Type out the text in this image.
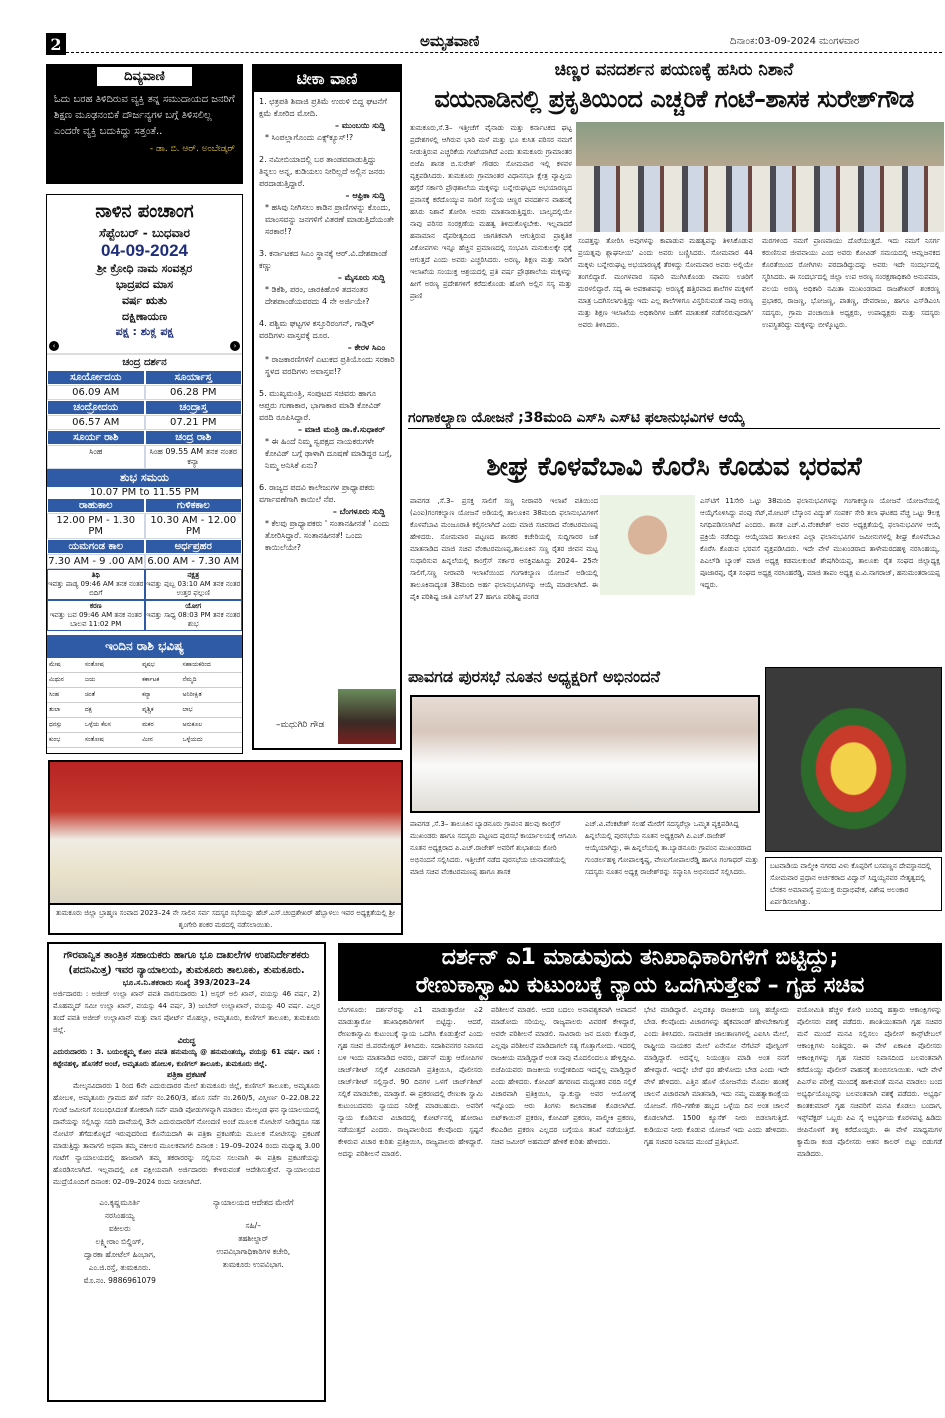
2	ಅಮೃತವಾಣಿ	ದಿನಾಂಕ:03-09-2024 ಮಂಗಳವಾರ
ದಿವ್ಯವಾಣಿ
ಓದು ಬರಹ ತಿಳಿದಿರುವ ವ್ಯಕ್ತಿ ತನ್ನ ಸಮುದಾಯದ ಜನರಿಗೆ ಶಿಕ್ಷಣ ಮೂಢನಂಬಿಕೆ ದೌರ್ಜನ್ಯಗಳ ಬಗ್ಗೆ ತಿಳಿಸಲಿಲ್ಲ ಎಂದರೇ ವ್ಯಕ್ತಿ ಬದುಕಿದ್ದು ಸತ್ತಂತೆ..
- ಡಾ. ಬಿ. ಆರ್. ಅಂಬೇಡ್ಕರ್
ನಾಳಿನ ಪಂಚಾಂಗ
ಸೆಪ್ಟೆಂಬರ್ - ಬುಧವಾರ
04-09-2024
ಶ್ರೀ ಕ್ರೋಧಿ ನಾಮ ಸಂವತ್ಸರ
ಭಾದ್ರಪದ ಮಾಸ
ವರ್ಷ ಋತು
ದಕ್ಷಿಣಾಯಣ
ಪಕ್ಷ : ಶುಕ್ಲ ಪಕ್ಷ
‹	›
ಚಂದ್ರ ದರ್ಶನ
ಸೂರ್ಯೋದಯ	ಸೂರ್ಯಾಸ್ತ
06.09 AM	06.28 PM
ಚಂದ್ರೋದಯ	ಚಂದ್ರಾಸ್ತ
06.57 AM	07.21 PM
ಸೂರ್ಯ ರಾಶಿ	ಚಂದ್ರ ರಾಶಿ
ಸಿಂಹ	ಸಿಂಹ 09.55 AM ತನಕ ನಂತರ ಕನ್ಯಾ
ಶುಭ ಸಮಯ
10.07 PM to 11.55 PM
ರಾಹುಕಾಲ	ಗುಳಿಕಕಾಲ
12.00 PM - 1.30 PM
10.30 AM - 12.00 PM
ಯಮಗಂಡ ಕಾಲ	ಅರ್ಧಪ್ರಹರ
7.30 AM - 9 .00 AM 6.00 AM - 7.30 AM
ತಿಥಿ
ಇವತ್ತು ಪಾಡ್ಯ 09:46 AM ತನಕ ನಂತರ ಬಿದಿಗೆ
ನಕ್ಷತ್ರ
ಇವತ್ತು ಪುಬ್ಬ 03:10 AM ತನಕ ನಂತರ ಉತ್ತರ ಫಲ್ಗುಣಿ
ಕರಣ
ಇವತ್ತು ಬವ 09:46 AM ತನಕ ನಂತರ ಬಾಲವ 11:02 PM
ಯೋಗ
ಇವತ್ತು ಸಾಧ್ಯ 08:03 PM ತನಕ ನಂತರ ಶುಭ
ಇಂದಿನ ರಾಶಿ ಭವಿಷ್ಯ
ಮೇಷ	ಸಂತೋಷ	ವೃಷಭ	ಸಹಾಯಕರಿಂದ
ಮಿಥುನ	ಜಯ	ಕರ್ಕಾಟಕ	ನೆಮ್ಮದಿ
ಸಿಂಹ	ಚಿಂತೆ	ಕನ್ಯಾ	ಅನಿರೀಕ್ಷಿತ
ತುಲಾ	ದಕ್ಷ	ವೃಶ್ಚಿಕ	ಲಾಭ
ಧನಸ್ಸು	ಒಳ್ಳೆಯ ಕೆಲಸ	ಮಕರ	ಅನುಕೂಲ
ಕುಂಭ	ಸಂತೋಷ	ಮೀನ	ಒಳ್ಳೆಯದು
ಟೀಕಾ ವಾಣಿ
1. ಛತ್ರಪತಿ ಶಿವಾಜಿ ಪ್ರತಿಮೆ ಉರುಳಿ ಬಿದ್ದ ಘಟನೆಗೆ ಕ್ಷಮೆ ಕೋರಿದ ಮೋದಿ.
– ಮುಂಬಯಿ ಸುದ್ದಿ
* ಸಿಂಪಲ್ಲಾಗೊಂದು ಎಕ್ಸ್‌ಕ್ಯೂಸ್!?
2. ನಮೀಬಿಯಾದಲ್ಲಿ ಬರ ತಾಂಡವವಾಡುತ್ತಿದ್ದು ತಿನ್ನಲು ಅನ್ನ, ಕುಡಿಯಲು ನೀರಿಲ್ಲದೆ ಅಲ್ಲಿನ ಜನರು ಪರದಾಡುತ್ತಿದ್ದಾರೆ.
– ಆಫ್ರಿಕಾ ಸುದ್ದಿ
* ಹಸಿವು ನೀಗಿಸಲು ಕಾಡಿನ ಪ್ರಾಣಿಗಳನ್ನು ಕೊಂದು, ಮಾಂಸವನ್ನು ಜನಗಳಿಗೆ ವಿತರಣೆ ಮಾಡುತ್ತಿದೆಯಂತೇ ಸರಕಾರ!?
3. ಕರ್ನಾಟಕದ ಸಿಎಂ ಸ್ಥಾನಕ್ಕೆ ಆರ್.ವಿ.ದೇಶಪಾಂಡೆ ಕಣ್ಣು
– ಮೈಸೂರು ಸುದ್ದಿ
* ಡಿಕೆಶಿ, ಪರಂ, ಜಾರಕಿಹೊಳಿ ತದನಂತರ ದೇಶಪಾಂಡೆಯವರದು 4 ನೇ ಅರ್ಜಿಯೇ?
4. ಪಶ್ಚಿಮ ಘಟ್ಟಗಳ ಕಸ್ತೂರಿರಂಗನ್, ಗಾಡ್ಗಿಳ್ ವರದಿಗಳು ವಾಸ್ತವಕ್ಕೆ ದೂರ.
– ಕೇರಳ ಸಿಎಂ
* ರಾಜಕಾರಣಿಗಳಿಗೆ ಎಟುಕದ ಪ್ರತಿಯೊಂದು ಸರಕಾರಿ ಸ್ಥಳದ ವರದಿಗಳು ಅವಾಸ್ತವ!?
5. ಮುಖ್ಯಮಂತ್ರಿ, ಸಂಪುಟದ ಸಚಿವರು ಹಾಗೂ ಆಪ್ತರು ಗುಣಾಕಾರ, ಭಾಗಾಕಾರ ಮಾಡಿ ಕೋವಿಡ್ ವರದಿ ರೂಪಿಸಿದ್ದಾರೆ.
– ಮಾಜಿ ಮಂತ್ರಿ ಡಾ.ಕೆ.ಸುಧಾಕರ್
* ಈ ಹಿಂದೆ ನಿಮ್ಮ ಸ್ವಪಕ್ಷದ ನಾಯಕರುಗಳೇ ಕೋವಿಡ್ ಬಗ್ಗೆ ಢಾಳಾಗಿ ದೂಷಣೆ ಮಾಡಿದ್ದರ ಬಗ್ಗೆ, ನಿಮ್ಮ ಅನಿಸಿಕೆ ಏನು?
6. ರಾಜ್ಯದ ಪದವಿ ಕಾಲೇಜುಗಳ ಪ್ರಾಧ್ಯಾಪಕರು ವರ್ಗಾವಣೆಗಾಗಿ ಕಾಯಿಲೆ ನೆಪ.
– ಬೆಂಗಳೂರು ಸುದ್ದಿ
* ಕೆಲವು ಪ್ರಾಧ್ಯಾಪಕರು ' ಸಂತಾನಹೀನತೆ ' ಎಂದು ತೋರಿಸಿದ್ದಾರೆ. ಸಂತಾನಹೀನತೆ! ಒಂದು ಕಾಯಿಲೆಯೇ?
–ಮಧುಗಿರಿ ಗೌಡ
ಚಿಣ್ಣರ ವನದರ್ಶನ ಪಯಣಕ್ಕೆ ಹಸಿರು ನಿಶಾನೆ
ವಯನಾಡಿನಲ್ಲಿ ಪ್ರಕೃತಿಯಿಂದ ಎಚ್ಚರಿಕೆ ಗಂಟೆ–ಶಾಸಕ ಸುರೇಶ್‌ಗೌಡ
ತುಮಕೂರು,ಸೆ.3– ಇತ್ತೀಚೆಗೆ ವೈನಾಡು ಮತ್ತು ಕರ್ನಾಟಕದ ಘಟ್ಟ ಪ್ರದೇಶಗಳಲ್ಲಿ ಆಗಿರುವ ಭಾರಿ ಮಳೆ ಮತ್ತು ಭೂ ಕುಸಿತ ಪರಿಸರ ನಮಗೆ ನೀಡುತ್ತಿರುವ ಎಚ್ಚರಿಕೆಯ ಗಂಟೆಯಾಗಿದೆ ಎಂದು ತುಮಕೂರು ಗ್ರಾಮಾಂತರ ಬಿಜೆಪಿ ಶಾಸಕ ಬಿ.ಸುರೇಶ್ ಗೌಡರು ಸೋಮವಾರ ಇಲ್ಲಿ ಕಳವಳ ವ್ಯಕ್ತಪಡಿಸಿದರು. ತುಮಕೂರು ಗ್ರಾಮಾಂತರ ವಿಧಾನಸಭಾ ಕ್ಷೇತ್ರ ವ್ಯಾಪ್ತಿಯ ಹಗ್ಗೆರೆ ಸರ್ಕಾರಿ ಪ್ರೌಢಶಾಲೆಯ ಮಕ್ಕಳನ್ನು ಬನ್ನೇರುಘಟ್ಟದ ಅಭಯಾರಣ್ಯದ ಪ್ರವಾಸಕ್ಕೆ ಕರೆದೊಯ್ಯುವ ಸಾರಿಗೆ ಸಂಸ್ಥೆಯ ಚಿಣ್ಣರ ವನದರ್ಶನ ವಾಹನಕ್ಕೆ ಹಸಿರು ನಿಶಾನೆ ತೋರಿಸಿ ಅವರು ಮಾತನಾಡುತ್ತಿದ್ದರು. ಬಾಲ್ಯದಲ್ಲಿಯೇ ನಾವು ಪರಿಸರ ಸಂರಕ್ಷಣೆಯ ಮಹತ್ವ ತಿಳಿದುಕೊಳ್ಳಬೇಕು. ಇಲ್ಲವಾದರೆ ಹವಾಮಾನ ವೈಪರೀತ್ಯದಿಂದ ಜಾಗತಿಕವಾಗಿ ಆಗುತ್ತಿರುವ ಪ್ರಾಕೃತಿಕ ವಿಕೋಪಗಳು ಇನ್ನೂ ಹೆಚ್ಚಿನ ಪ್ರಮಾಣದಲ್ಲಿ ಸಂಭವಿಸಿ ಮನುಕುಲಕ್ಕೇ ಧಕ್ಕೆ ಆಗುತ್ತದೆ ಎಂದು ಅವರು ಎಚ್ಚರಿಸಿದರು. ಅರಣ್ಯ, ಶಿಕ್ಷಣ ಮತ್ತು ಸಾರಿಗೆ ಇಲಾಖೆಯ ಸಂಯುಕ್ತ ಆಶ್ರಯದಲ್ಲಿ ಪ್ರತಿ ವರ್ಷ ಪ್ರೌಢಶಾಲೆಯ ಮಕ್ಕಳನ್ನು ಹೀಗೆ ಅರಣ್ಯ ಪ್ರದೇಶಗಳಿಗೆ ಕರೆದುಕೊಂಡು ಹೋಗಿ ಅಲ್ಲಿನ ಸಸ್ಯ ಮತ್ತು ಪ್ರಾಣಿ
ಸಂಪತ್ತನ್ನು ತೋರಿಸಿ ಅವುಗಳನ್ನು ಕಾಪಾಡುವ ಮಹತ್ವವನ್ನು ತಿಳಿಸಿಕೊಡುವ ಪ್ರಯತ್ನವು ಶ್ಲಾಘನೀಯ' ಎಂದು ಅವರು ಬಣ್ಣಿಸಿದರು. ಸೋಮವಾರ 44 ಮಕ್ಕಳು ಬನ್ನೇರುಘಟ್ಟ ಅಭಯಾರಣ್ಯಕ್ಕೆ ತೆರಳಿದ್ದು ಸೋಮವಾರ ಅವರು ಅಲ್ಲಿಯೇ ತಂಗಲಿದ್ದಾರೆ. ಮಂಗಳವಾರ ಸಫಾರಿ ಮುಗಿಸಿಕೊಂಡು ವಾಪಸು ಊರಿಗೆ ಮರಳಲಿದ್ದಾರೆ. ಸದ್ಯ ಈ ಅವಕಾಶವನ್ನು ಅರಣ್ಯಕ್ಕೆ ಹತ್ತಿರವಾದ ಶಾಲೆಗಳ ಮಕ್ಕಳಿಗೆ ಮಾತ್ರ ಒದಗಿಸಲಾಗುತ್ತಿದ್ದು ಇದು ಎಲ್ಲ ಶಾಲೆಗಳಿಗೂ ವಿಸ್ತರಿಸುವಂತೆ ನಾವು ಅರಣ್ಯ ಮತ್ತು ಶಿಕ್ಷಣ ಇಲಾಖೆಯ ಅಧಿಕಾರಿಗಳ ಜತೆಗೆ ಮಾತುಕತೆ ನಡೆಸಲಿರುವುದಾಗಿ' ಅವರು ತಿಳಿಸಿದರು.
ಮರಗಳಿಂದ ನಮಗೆ ಪ್ರಾಣವಾಯು ದೊರೆಯುತ್ತದೆ. ಇದು ನಮಗೆ ನಿಸರ್ಗ ಕರುಣಿಸುವ ಜೀವವಾಯು ಎಂದ ಅವರು ಕೋವಿಡ್ ಸಮಯದಲ್ಲಿ ಆಮ್ಲಜನಕದ ಕೊರತೆಯಿಂದ ರೋಗಿಗಳು ಪರದಾಡಿದ್ದುದನ್ನು ಅವರು ಇದೇ ಸಂದರ್ಭದಲ್ಲಿ ಸ್ಮರಿಸಿದರು. ಈ ಸಂದರ್ಭದಲ್ಲಿ ಜಿಲ್ಲಾ ಉಪ ಅರಣ್ಯ ಸಂರಕ್ಷಣಾಧಿಕಾರಿ ಅನುಪಮಾ, ವಲಯ ಅರಣ್ಯ ಅಧಿಕಾರಿ ನಮಿತಾ ಮುಖಂಡರಾದ ರಾಜಶೇಖರ್ ಶಂಕರಣ್ಣ ಪ್ರಭಾಕರ, ರಾಜಣ್ಣ, ಭೋಜಣ್ಣ, ಪಾತಣ್ಣ, ದೇವರಾಜು, ಹಾಗೂ ಎಸ್‌ಡಿಎಂಸಿ ಸದಸ್ಯರು, ಗ್ರಾಮ ಪಂಚಾಯಿತಿ ಅಧ್ಯಕ್ಷರು, ಉಪಾಧ್ಯಕ್ಷರು ಮತ್ತು ಸದಸ್ಯರು ಉಪಸ್ಥಿತರಿದ್ದು ಮಕ್ಕಳನ್ನು ಬೀಳ್ಕೊಟ್ಟರು.
ಗಂಗಾಕಲ್ಯಾಣ ಯೋಜನೆ ;38ಮಂದಿ ಎಸ್‌ಸಿ ಎಸ್‌ಟಿ ಫಲಾನುಭವಿಗಳ ಆಯ್ಕೆ
ಶೀಘ್ರ ಕೊಳವೆಬಾವಿ ಕೊರೆಸಿ ಕೊಡುವ ಭರವಸೆ
ಪಾವಗಡ ,ಸೆ.3– ಪ್ರಸಕ್ತ ಸಾಲಿಗೆ ಸಣ್ಣ ನೀರಾವರಿ ಇಲಾಖೆ ವತಿಯಿಂದ (ಎಂಐ)ಗಂಗಕಲ್ಯಾಣ ಯೋಜನೆ ಅಡಿಯಲ್ಲಿ ತಾಲೂಕಿನ 38ಮಂದಿ ಫಲಾನುಭವಿಗಳಿಗೆ ಕೊಳವೆಬಾವಿ ಮಂಜೂರಾತಿ ಕಲ್ಪಿಸಲಾಗಿದೆ ಎಂದು ಮಾಜಿ ಸಚಿವರಾದ ವೆಂಕಟರಮಣಪ್ಪ ಹೇಳಿದರು. ಸೋಮವಾರ ಪಟ್ಟಣದ ಶಾಸಕರ ಕಚೇರಿಯಲ್ಲಿ ಸುದ್ದಿಗಾರರ ಜತೆ ಮಾತನಾಡಿದ ಮಾಜಿ ಸಚಿವ ವೆಂಕಟರಮಣಪ್ಪ,ತಾಲೂಕಿನ ಸಣ್ಣ ರೈತರ ಜೀವನ ಮಟ್ಟ ಸುಧಾರಿಸುವ ಹಿನ್ನಲೆಯಲ್ಲಿ ಕಾಂಗ್ರೆಸ್ ಸರ್ಕಾರ ಆಸಕ್ತಿವಹಿಸಿದ್ದು 2024– 25ನೇ ಸಾಲಿಗೆ,ಸಣ್ಣ ನೀರಾವರಿ ಇಲಾಖೆಯಿಂದ ಗಂಗಾಕಲ್ಯಾಣ ಯೋಜನೆ ಅಡಿಯಲ್ಲಿ ತಾಲೂಕಿನಾದ್ಯಂತ 38ಮಂದಿ ಅರ್ಹ ಫಲಾನುಭವಿಗಳನ್ನು ಆಯ್ಕೆ ಮಾಡಲಾಗಿದೆ. ಈ ಪೈಕಿ ಪರಿಶಿಷ್ಟ ಜಾತಿ ಎಸ್‌ಸಿಗೆ 27 ಹಾಗೂ ಪರಿಶಿಷ್ಟ ಪಂಗಡ
ಎಸ್‌ಟಿಗೆ 11ಸೇರಿ ಒಟ್ಟು 38ಮಂದಿ ಫಲಾನುಭವಿಗಳನ್ನು ಗಂಗಾಕಲ್ಯಾಣ ಯೋಜನೆ ಯೋಜನೆಯಲ್ಲಿ ಆಯ್ಕೆಗೊಳಿಸಿದ್ದು ಪಂಪು ಸೆಟ್,ಮೋಟರ್ ಬೆಸ್ಕಾಂನ ವಿದ್ಯುತ್ ಸಂಪರ್ಕ ಸೇರಿ ತಲಾ ಘಟಕದ ವೆಚ್ಚ ಒಟ್ಟು 9ಲಕ್ಷ ನಿಗಧಿಪಡಿಸಲಾಗಿದೆ ಎಂದರು. ಶಾಸಕ ಎಚ್.ವಿ.ವೆಂಕಟೇಶ್ ಅವರ ಅಧ್ಯಕ್ಷತೆಯಲ್ಲಿ ಫಲಾನುಭವಿಗಳ ಆಯ್ಕೆ ಪ್ರಕ್ರಿಯೆ ನಡೆದಿದ್ದು ಆಯ್ಕೆಯಾದ ತಾಲೂಕಿನ ಎಲ್ಲಾ ಫಲಾನುಭವಿಗಳ ಜಮೀನುಗಳಲ್ಲಿ ಶೀಘ್ರ ಕೊಳವೆಬಾವಿ ಕೊರೆಸಿ ಕೊಡುವ ಭರವಸೆ ವ್ಯಕ್ತಪಡಿಸಿದರು. ಇದೇ ವೇಳೆ ಮುಖಂಡರಾದ ತಾಳೇಮರದಹಳ್ಳಿ ನರಸಿಂಹಯ್ಯ, ಪಿಎಲ್‌ಡಿ ಬ್ಯಾಂಕ್ ಮಾಜಿ ಅಧ್ಯಕ್ಷ ಕಡಮಲಕುಂಟೆ ಶೇಷಗಿರಿಯಪ್ಪ, ತಾಲೂಕು ರೈತ ಸಂಘದ ಜಿಲ್ಲಾಧ್ಯಕ್ಷ ಪೂಜಾರಪ್ಪ, ರೈತ ಸಂಘದ ಅಧ್ಯಕ್ಷ ನರಸಿಂಹರೆಡ್ಡಿ, ಮಾಜಿ ತಾಪಂ ಅಧ್ಯಕ್ಷ ಐ.ವಿ.ನಾಗರಾಜ್, ಹನುಮಂತರಾಯಪ್ಪ ಇದ್ದರು.
ಪಾವಗಡ ಪುರಸಭೆ ನೂತನ ಅಧ್ಯಕ್ಷರಿಗೆ ಅಭಿನಂದನೆ
ಪಾವಗಡ ,ಸೆ.3– ತಾಲೂಕಿನ ಬ್ಯಾಡನೂರು ಗ್ರಾಪಂನ ಹಲವು ಕಾಂಗ್ರೆಸ್ ಮುಖಂಡರು ಹಾಗೂ ಸದಸ್ಯರು ಪಟ್ಟಣದ ಪುರಸಭೆ ಕಾರ್ಯಾಲಯಕ್ಕೆ ಆಗಮಿಸಿ ನೂತನ ಅಧ್ಯಕ್ಷರಾದ ಪಿ.ಎಚ್.ರಾಜೇಶ್ ಅವರಿಗೆ ಶುಭಾಶಯ ಕೋರಿ ಅಭಿನಂದನೆ ಸಲ್ಲಿಸಿದರು. ಇತ್ತೀಚೆಗೆ ನಡೆದ ಪುರಸಭೆಯ ಚುನಾವಣೆಯಲ್ಲಿ ಮಾಜಿ ಸಚಿವ ವೆಂಕಟರಮಣಪ್ಪ ಹಾಗೂ ಶಾಸಕ
ಎಚ್.ವಿ.ವೆಂಕಟೇಶ್ ಸಲಹೆ ಮೇರೆಗೆ ಸದಸ್ಯರೆಲ್ಲಾ ಒಮ್ಮತ ವ್ಯಕ್ತಪಡಿಸಿದ್ದ ಹಿನ್ನಲೆಯಲ್ಲಿ ಪುರಸಭೆಯ ನೂತನ ಅಧ್ಯಕ್ಷರಾಗಿ ಪಿ.ಎಚ್.ರಾಜೇಶ್ ಆಯ್ಕೆಯಾಗಿದ್ದು, ಈ ಹಿನ್ನಲೆಯಲ್ಲಿ ತಾ.ಬ್ಯಾಡನೂರು ಗ್ರಾಪಂನ ಮುಖಂಡರಾದ ಗುಂಡರ್ಲಹಳ್ಳಿ ಗೋಪಾಲಕೃಷ್ಣ, ವೇಣುಗೋಪಾಲರೆಡ್ಡಿ ಹಾಗೂ ಗಂಗಾಧರ್ ಮತ್ತು ಸದಸ್ಯರು ನೂತನ ಅಧ್ಯಕ್ಷ ರಾಜೇಶ್‌ರನ್ನು ಸನ್ಮಾನಿಸಿ ಅಭಿನಂದನೆ ಸಲ್ಲಿಸಿದರು.
ಬಟವಾಡಿಯ ವಾಲ್ಮೀಕಿ ನಗರದ ವಿಳು ಕೊಪ್ಪರಿಗೆ ಬಸವಣ್ಣನ ದೇವಸ್ಥಾನದಲ್ಲಿ ಸೋಮವಾರ ಪ್ರಧಾನ ಅರ್ಚಕರಾದ ವಿದ್ವಾನ್ ಸಿದ್ದಯ್ಯನವರ ನೇತೃತ್ವದಲ್ಲಿ ಬೆನಕನ ಅಮಾವಾಸ್ಯೆ ಪ್ರಯುಕ್ತ ರುದ್ರಾಭಿಷೇಕ, ವಿಶೇಷ ಅಲಂಕಾರ ಏರ್ಪಡಿಸಲಾಗಿತ್ತು.
ತುಮಕೂರು ಜಿಲ್ಲಾ ಬ್ರಾಹ್ಮಣ ಸಂವಾದ 2023–24 ನೇ ಸಾಲಿನ ಸರ್ವ ಸದಸ್ಯರ ಸಭೆಯನ್ನು ಹೆಚ್.ಎಸ್.ಚಂದ್ರಶೇಖರ್ ಹೆಬ್ಬಾಳಲು ಇವರ ಅಧ್ಯಕ್ಷತೆಯಲ್ಲಿ ಶ್ರೀ ಶೃಂಗೇರಿ ಶಂಕರ ಮಠದಲ್ಲಿ ನಡೆಸಲಾಯಿತು.
ಗೌರವಾನ್ವಿತ ತಾಂತ್ರಿಕ ಸಹಾಯಕರು ಹಾಗೂ ಭೂ ದಾಖಲೆಗಳ ಉಪನಿರ್ದೇಶಕರು (ಪದನಿಮಿತ್ತ) ಇವರ ನ್ಯಾಯಾಲಯ, ತುಮಕೂರು ತಾಲೂಕು, ತುಮಕೂರು.
ಭೂ.ಸ.ನಿ.ತಕರಾರು ಸಂಖ್ಯೆ 393/2023–24
ಅರ್ಜಿದಾರರು : ಅಜೀಜ್ ಉಲ್ಲಾ ಖಾನ್ ಪವತಿ ವಾರಸುದಾರರು 1) ಅಸ್ಗರ್ ಅಲಿ ಖಾನ್, ವಯಸ್ಸು 46 ವರ್ಷ, 2) ಮೊಹಮ್ಮದ್ ಸಮೀ ಉಲ್ಲಾ ಖಾನ್, ವಯಸ್ಸು 44 ವರ್ಷ, 3) ಜುಬೇರ್ ಉಲ್ಲಾಖಾನ್, ವಯಸ್ಸು 40 ವರ್ಷ. ಎಲ್ಲರ ತಂದೆ ಪವತಿ ಅಜೀಜ್ ಉಲ್ಲಾಖಾನ್ ಮತ್ತು ವಾಸ ಪೋರ್ಟ್ ಮೊಹಲ್ಲಾ, ಅಮೃತೂರು, ಕುಣಿಗಲ್ ತಾಲೂಕು, ತುಮಕೂರು ಜಿಲ್ಲೆ.
ವಿರುದ್ಧ
ಎದುರುದಾರರು : 3. ಬಯಲಕ್ಷ್ಮಮ್ಮ ಕೋಂ ಪವತಿ ಹನುಮಯ್ಯ @ ಹನುಮಂತಯ್ಯ, ವಯಸ್ಸು 61 ವರ್ಷ. ವಾಸ : ಕಟ್ಟೇನಹಳ್ಳಿ, ಹೊಸಕೆರೆ ಅಂಚೆ, ಅಮೃತೂರು ಹೋಬಳಿ, ಕುಣಿಗಲ್ ತಾಲೂಕು, ತುಮಕೂರು ಜಿಲ್ಲೆ.
ಪತ್ರಿಕಾ ಪ್ರಕಟಣೆ
ಮೇಲ್ಕನವಿದಾರರು 1 ರಿಂದ 6ನೇ ಎದುರುದಾರರ ಮೇಲೆ ತುಮಕೂರು ಜಿಲ್ಲೆ, ಕುಣಿಗಲ್ ತಾಲೂಕು, ಅಮೃತೂರು ಹೋಬಳಿ, ಅಮೃತೂರು ಗ್ರಾಮದ ಹಳೆ ಸರ್ವೆ ನಂ.260/3, ಹೊಸ ಸರ್ವೆ ನಂ.260/5, ವಿಸ್ತೀರ್ಣ 0–22.08.22 ಗುಂಟೆ ಜಮೀನಿಗೆ ಸಂಬಂಧಿಸಿದಂತೆ ತೋಕರಾಗಿ ಸರ್ವೆ ಮಾಡಿ ಪೋಡುಗಳನ್ನಾಗಿ ಮಾಡಲು ಮೇಲ್ಕಂಡ ಘನ ನ್ಯಾಯಾಲಯದಲ್ಲಿ ದಾವೆಯನ್ನು ಸಲ್ಲಿಸಿದ್ದು ಸದರಿ ದಾವೆಯಲ್ಲಿ 3ನೇ ಎದುರುದಾರರಿಗೆ ನೋಂದಣಿ ಅಂಚೆ ಮೂಲಕ ನೋಟೀಸ್ ನೀಡಿದ್ದರೂ ಸಹ ನೋಟಿಸ್ ತೆಗೆದುಕೊಳ್ಳದೆ ಇರುವುದರಿಂದ ಕೊನೆಯದಾಗಿ ಈ ಪತ್ರಿಕಾ ಪ್ರಕಟಣೆಯ ಮೂಲಕ ನೋಟೀಸನ್ನು ಪ್ರಕಟಣೆ ಮಾಡುತ್ತಿದ್ದು ತಾವಾಗಲಿ ಅಥವಾ ತಮ್ಮ ವಕೀಲರ ಮೂಲಕವಾಗಲಿ ದಿನಾಂಕ : 19–09–2024 ರಂದು ಮಧ್ಯಾಹ್ನ 3.00 ಗಂಟೆಗೆ ನ್ಯಾಯಾಲಯದಲ್ಲಿ ಹಾಜರಾಗಿ ತಮ್ಮ ತಕರಾರರನ್ನು ಸಲ್ಲಿಸುವ ಸಲುವಾಗಿ ಈ ಪತ್ರಿಕಾ ಪ್ರಕಟಣೆಯನ್ನು ಹೊರಡಿಸಲಾಗಿದೆ. ಇಲ್ಲವಾದಲ್ಲಿ ಏಕ ಪಕ್ಷೀಯವಾಗಿ ಅರ್ಜಿದಾರರು ಕೇಳಿರುವಂತೆ ಆದೇಶಿಸುತ್ತೇವೆ. ನ್ಯಾಯಾಲಯದ ಮುದ್ರೆಯೊಂದಿಗೆ ದಿನಾಂಕ: 02–09–2024 ರಂದು ನೀಡಲಾಗಿದೆ.
ಎಂ.ಕೃಷ್ಣಮೂರ್ತಿ
ನರಸಿಂಹಯ್ಯ
ವಕೀಲರು
ಲಕ್ಷ್ಮೀರಾಂ ಬಿಲ್ಡಿಂಗ್,
ದ್ವಾರಕಾ ಹೋಟೆಲ್ ಹಿಂಭಾಗ,
ಎಂ.ಜಿ.ರಸ್ತೆ, ತುಮಕೂರು.
ಮೊ.ನಂ. 9886961079
ನ್ಯಾಯಾಲಯದ ಆದೇಶದ ಮೇರೆಗೆ
ಸಹಿ/–
ತಹಶೀಲ್ದಾರ್
ಉಪವಿಭಾಗಾಧಿಕಾರಿಗಳ ಕಚೇರಿ,
ತುಮಕೂರು ಉಪವಿಭಾಗ.
ದರ್ಶನ್ ಎ1 ಮಾಡುವುದು ತನಿಖಾಧಿಕಾರಿಗಳಿಗೆ ಬಿಟ್ಟಿದ್ದು;
ರೇಣುಕಾಸ್ವಾಮಿ ಕುಟುಂಬಕ್ಕೆ ನ್ಯಾಯ ಒದಗಿಸುತ್ತೇವೆ – ಗೃಹ ಸಚಿವ
ಬೆಂಗಳೂರು: ದರ್ಶನ್‌ರನ್ನು ಎ1 ಮಾಡುತ್ತಾರೋ ಎ2 ಮಾಡುತ್ತಾರೋ ತನಿಖಾಧಿಕಾರಿಗಳಿಗೆ ಬಿಟ್ಟಿದ್ದು. ಆದರೆ, ರೇಣುಕಾಸ್ವಾಮಿ ಕುಟುಂಬಕ್ಕೆ ನ್ಯಾಯ ಒದಗಿಸಿ ಕೊಡುತ್ತೇವೆ ಎಂದು ಗೃಹ ಸಚಿವ ಜಿ.ಪರಮೇಶ್ವರ್ ತಿಳಿಸಿದರು. ಸದಾಶಿವನಗರ ನಿವಾಸದ ಬಳಿ ಇಂದು ಮಾತನಾಡಿದ ಅವರು, ದರ್ಶನ್ ಮತ್ತು ಆರೋಪಿಗಳ ಚಾರ್ಜ್‌ಶೀಟ್ ಸಲ್ಲಿಕೆ ವಿಚಾರವಾಗಿ ಪ್ರತಿಕ್ರಿಯಿಸಿ, ಪೊಲೀಸರು ಚಾರ್ಜ್‌ಶೀಟ್ ಸಲ್ಲಿಸ್ತಾರೆ. 90 ದಿನಗಳ ಒಳಗೆ ಚಾರ್ಜ್‌ಶೀಟ್ ಸಲ್ಲಿಕೆ ಮಾಡಬೇಕು, ಮಾಡ್ತಾರೆ. ಈ ಪ್ರಕರಣದಲ್ಲಿ ರೇಣುಕಾ ಸ್ವಾಮಿ ಕುಟುಂಬದವರು ನ್ಯಾಯದ ನಿರೀಕ್ಷೆ ಮಾಡಬಹುದು. ಅವರಿಗೆ ನ್ಯಾಯ ಕೊಡಿಸುವ ವಿಚಾರದಲ್ಲಿ ಕೋರ್ಟ್‌ನಲ್ಲಿ ಹೋರಾಟ ನಡೆಯುತ್ತದೆ ಎಂದರು. ರಾಜ್ಯಪಾಲರಿಂದ ಕೆಲವೊಂದು ಸ್ಪಷ್ಟನೆ ಕೇಳಿರುವ ವಿಚಾರ ಕುರಿತು ಪ್ರತಿಕ್ರಿಯಿಸಿ, ರಾಜ್ಯಪಾಲರು ಹೇಳಿದ್ದಾರೆ. ಅದನ್ನು ಪರಿಶೀಲನೆ ಮಾಡಲಿ.
ಪರಿಶೀಲನೆ ಮಾಡಲಿ. ಆದರ ಬದಲು ಅನಾವಶ್ಯಕವಾಗಿ ಆಪಾದನೆ ಮಾಡೋದು ಸರಿಯಲ್ಲ. ರಾಜ್ಯಪಾಲರು ವಿವರಣೆ ಕೇಳಿದ್ದಾರೆ, ಅವರೇ ಪರಿಶೀಲನೆ ಮಾಡಲಿ. ಸಾವಿರಾರು ಜನ ದೂರು ಕೊಡ್ತಾರೆ, ಎಲ್ಲವೂ ಪರಿಶೀಲನೆ ಮಾಡಿದಾಗಲೇ ಸತ್ಯ ಗೊತ್ತಾಗೋದು. ಇದರಲ್ಲಿ ರಾಜಕೀಯ ಮಾಡ್ತಿದ್ದಾರೆ ಅಂತ ನಾವು ಮೊದಲಿಂದಲೂ ಹೇಳ್ತಿದ್ದೀವಿ. ಬಿಜೆಪಿಯವರು ರಾಜಕೀಯ ಉದ್ದೇಶದಿಂದ ಇದನ್ನೆಲ್ಲ ಮಾಡ್ತಿದ್ದಾರೆ ಎಂದು ಹೇಳಿದರು. ಕೋವಿಡ್ ಹಗರಣದ ಮಧ್ಯಂತರ ವರದಿ ಸಲ್ಲಿಕೆ ವಿಚಾರವಾಗಿ ಪ್ರತಿಕ್ರಿಯಿಸಿ, ನ್ಯಾ.ಕುನ್ಹಾ ಅವರ ಆಯೋಗಕ್ಕೆ ಇನ್ನೊಂದು ಆರು ತಿಂಗಳು ಕಾಲಾವಕಾಶ ಕೊಡಲಾಗಿದೆ. ಬಿಟ್‌ಕಾಯಿನ್ ಪ್ರಕರಣ, ಕೋವಿಡ್ ಪ್ರಕರಣ, ವಾಲ್ಮೀಕಿ ಪ್ರಕರಣ, ಕೆಐಎಡಿಬಿ ಪ್ರಕರಣ ಎಲ್ಲದರ ಬಗ್ಗೆಯೂ ತನಿಖೆ ನಡೆಯುತ್ತಿದೆ. ಸಚಿವ ಜಮೀರ್ ಅಹಮದ್ ಹೇಳಿಕೆ ಕುರಿತು ಹೇಳಿದರು.
ಭೇಟಿ ಮಾಡಿದ್ದಾರೆ. ಎಲ್ಲದಕ್ಕೂ ರಾಜಕೀಯ ಬಣ್ಣ ಹಚ್ಚೋದು ಬೇಡ. ಕೆಲವೊಂದು ವಿಚಾರಗಳನ್ನು ಹೈಕಮಾಂಡ್ ಹೇಳಬೇಕಾಗುತ್ತೆ ಎಂದು ತಿಳಿಸಿದರು. ಸಾಮಾಜಿಕ ಜಾಲತಾಣಗಳಲ್ಲಿ ಎಐಸಿಸಿ ಮೇಲೆ, ರಾಷ್ಟ್ರೀಯ ನಾಯಕರ ಮೇಲೆ ಏನೇನೋ ನೆಗೆಟಿವ್ ಪೋಸ್ಟಿಂಗ್ ಮಾಡ್ತಿದ್ದಾರೆ. ಅದನ್ನೆಲ್ಲ ನಿಯಂತ್ರಣ ಮಾಡಿ ಅಂತ ನನಗೆ ಹೇಳಿದ್ದಾರೆ. ಇದನ್ನೇ ಬೇರೆ ಥರ ಹೇಳೋದು ಬೇಡ ಎಂದು ಇದೇ ವೇಳೆ ಹೇಳಿದರು. ಎತ್ತಿನ ಹೊಳೆ ಯೋಜನೆಯ ಮೊದಲ ಹಂತಕ್ಕೆ ಚಾಲನೆ ವಿಚಾರವಾಗಿ ಮಾತನಾಡಿ, ಇದು ನಮ್ಮ ಮಹತ್ವಾಕಾಂಕ್ಷೆಯ ಯೋಜನೆ. ಗೌರಿ–ಗಣೇಶ ಹಬ್ಬದ ಒಳ್ಳೆಯ ದಿನ ಅಂತ ಚಾಲನೆ ಕೊಡಲಾಗಿದೆ. 1500 ಕ್ಯೂಸೆಕ್ ನೀರು ಬಿಡಲಾಗುತ್ತಿದೆ. ಕುಡಿಯುವ ನೀರು ಕೊಡುವ ಯೋಜನೆ ಇದು ಎಂದು ಹೇಳಿದರು. ಗೃಹ ಸಚಿವರ ನಿವಾಸದ ಮುಂದೆ ಪ್ರತಿಭಟನೆ.
ವಯೋಮಿತಿ ಹೆಚ್ಚಳ ಕೋರಿ ಬಂದಿದ್ದ ಹತ್ತಾರು ಆಕಾಂಕ್ಷಿಗಳನ್ನು ಪೊಲೀಸರು ವಶಕ್ಕೆ ಪಡೆದರು. ಶಾಂತಿಯುತವಾಗಿ ಗೃಹ ಸಚಿವರ ಮನೆ ಮುಂದೆ ಮನವಿ ಸಲ್ಲಿಸಲು ಪೊಲೀಸ್ ಕಾನ್ಸ್‌ಟೇಬಲ್ ಆಕಾಂಕ್ಷಿಗಳು ನಿಂತಿದ್ದರು. ಈ ವೇಳೆ ಏಕಾಏಕಿ ಪೊಲೀಸರು ಆಕಾಂಕ್ಷಿಗಳನ್ನು ಗೃಹ ಸಚಿವರ ನಿವಾಸದಿಂದ ಬಲವಂತವಾಗಿ ಕರೆದೊಯ್ದು ಪೊಲೀಸ್ ವಾಹನಕ್ಕೆ ತುಂಬಿಸಲಾಯಿತು. ಇದೇ ವೇಳೆ ಪಿಎಸ್‌ಐ ಪರೀಕ್ಷೆ ಮುಂದಕ್ಕೆ ಹಾಕುವಂತೆ ಮನವಿ ಮಾಡಲು ಬಂದ ಅಭ್ಯರ್ಥಿಯೊಬ್ಬರನ್ನು ಬಲವಂತವಾಗಿ ವಶಕ್ಕೆ ಪಡೆದರು. ಅಭ್ಯರ್ಥಿ ಕಾಂತಕುಮಾರ್ ಗೃಹ ಸಚಿವರಿಗೆ ಮನವಿ ಕೊಡಲು ಬಂದಾಗ, ಇನ್ಸ್‌ಪೆಕ್ಟರ್ ಒಬ್ಬರು ಪಿಎ ಸೈ ಅಭ್ಯರ್ಥಿಯ ಕೊರಳಪಟ್ಟಿ ಹಿಡಿದು ಜೀಪಿನೊಳಗೆ ತಳ್ಳಿ ಕರೆದೊಯ್ದರು. ಈ ವೇಳೆ ಮಾಧ್ಯಮಗಳ ಕ್ಯಾಮೆರಾ ಕಂಡ ಪೊಲೀಸರು ಆತನ ಕಾಲರ್ ಬಿಟ್ಟು ಬಿಡುಗಡೆ ಮಾಡಿದರು.
